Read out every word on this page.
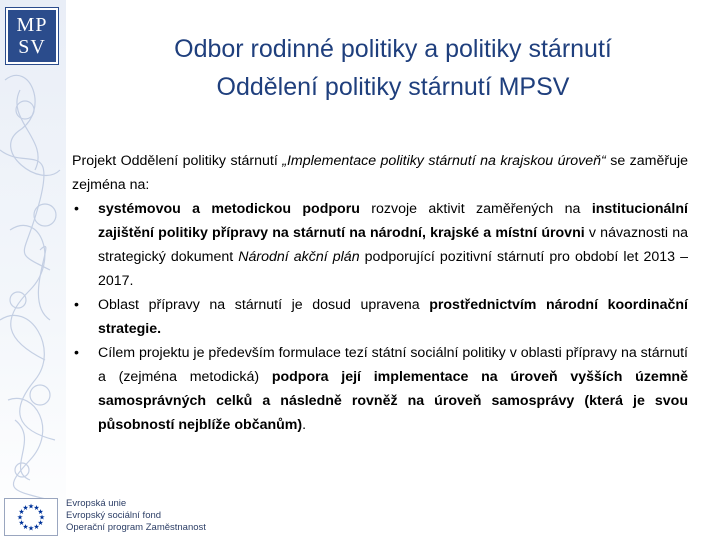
MP
SV	Odbor rodinné politiky a politiky stárnutí
Oddělení politiky stárnutí MPSV

Projekt Oddělení politiky stárnutí „Implementace politiky stárnutí na krajskou úroveň“ se zaměřuje zejména na:

• systémovou a metodickou podporu rozvoje aktivit zaměřených na institucionální zajištění politiky přípravy na stárnutí na národní, krajské a místní úrovni v návaznosti na strategický dokument Národní akční plán podporující pozitivní stárnutí pro období let 2013 – 2017.
• Oblast přípravy na stárnutí je dosud upravena prostřednictvím národní koordinační strategie.
• Cílem projektu je především formulace tezí státní sociální politiky v oblasti přípravy na stárnutí a (zejména metodická) podpora její implementace na úroveň vyšších územně samosprávných celků a následně rovněž na úroveň samosprávy (která je svou působností nejblíže občanům).
★
★
★
★
★
★
★
★
★ ★ ★
★
Evropská unie
Evropský sociální fond
Operační program Zaměstnanost
